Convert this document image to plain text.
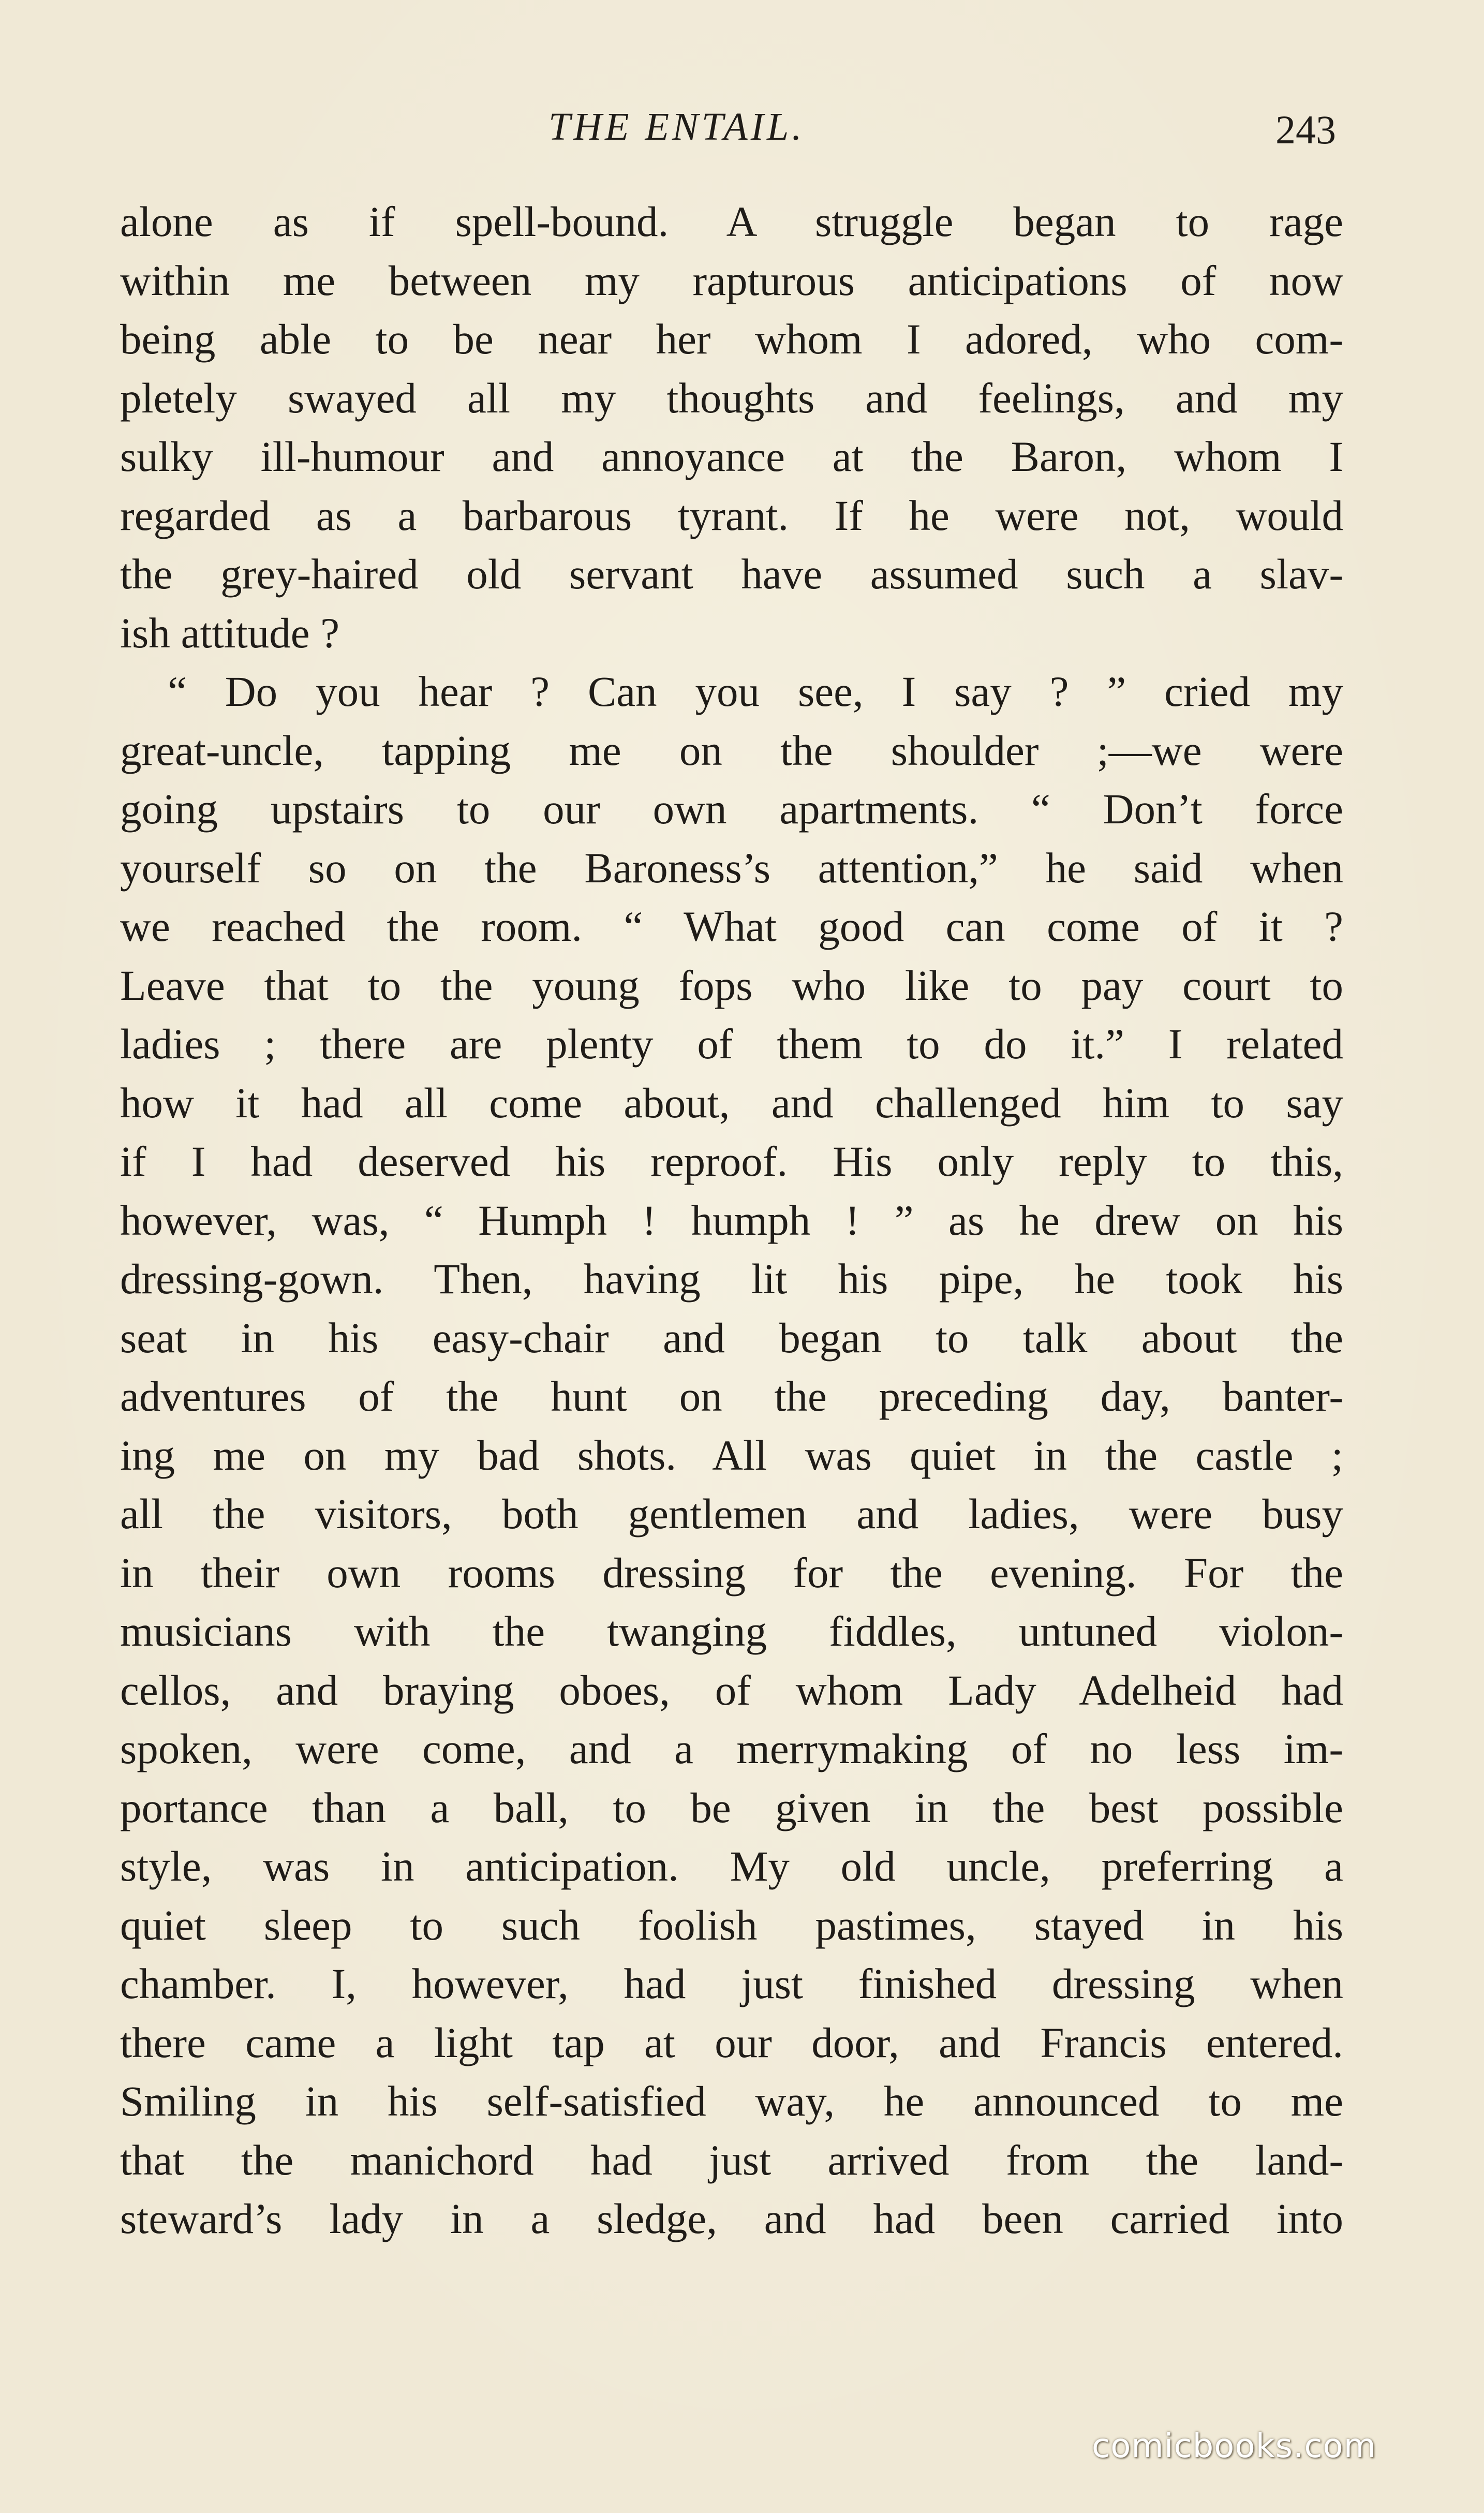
THE ENTAIL.	243
alone as if spell-bound. A struggle began to rage
within me between my rapturous anticipations of now
being able to be near her whom I adored, who com-
pletely swayed all my thoughts and feelings, and my
sulky ill-humour and annoyance at the Baron, whom I
regarded as a barbarous tyrant. If he were not, would
the grey-haired old servant have assumed such a slav-
ish attitude ?
“ Do you hear ? Can you see, I say ? ” cried my
great-uncle, tapping me on the shoulder ;—we were
going upstairs to our own apartments. “ Don’t force
yourself so on the Baroness’s attention,” he said when
we reached the room. “ What good can come of it ?
Leave that to the young fops who like to pay court to
ladies ; there are plenty of them to do it.” I related
how it had all come about, and challenged him to say
if I had deserved his reproof. His only reply to this,
however, was, “ Humph ! humph ! ” as he drew on his
dressing-gown. Then, having lit his pipe, he took his
seat in his easy-chair and began to talk about the
adventures of the hunt on the preceding day, banter-
ing me on my bad shots. All was quiet in the castle ;
all the visitors, both gentlemen and ladies, were busy
in their own rooms dressing for the evening. For the
musicians with the twanging fiddles, untuned violon-
cellos, and braying oboes, of whom Lady Adelheid had
spoken, were come, and a merrymaking of no less im-
portance than a ball, to be given in the best possible
style, was in anticipation. My old uncle, preferring a
quiet sleep to such foolish pastimes, stayed in his
chamber. I, however, had just finished dressing when
there came a light tap at our door, and Francis entered.
Smiling in his self-satisfied way, he announced to me
that the manichord had just arrived from the land-
steward’s lady in a sledge, and had been carried into
comicbooks.com
